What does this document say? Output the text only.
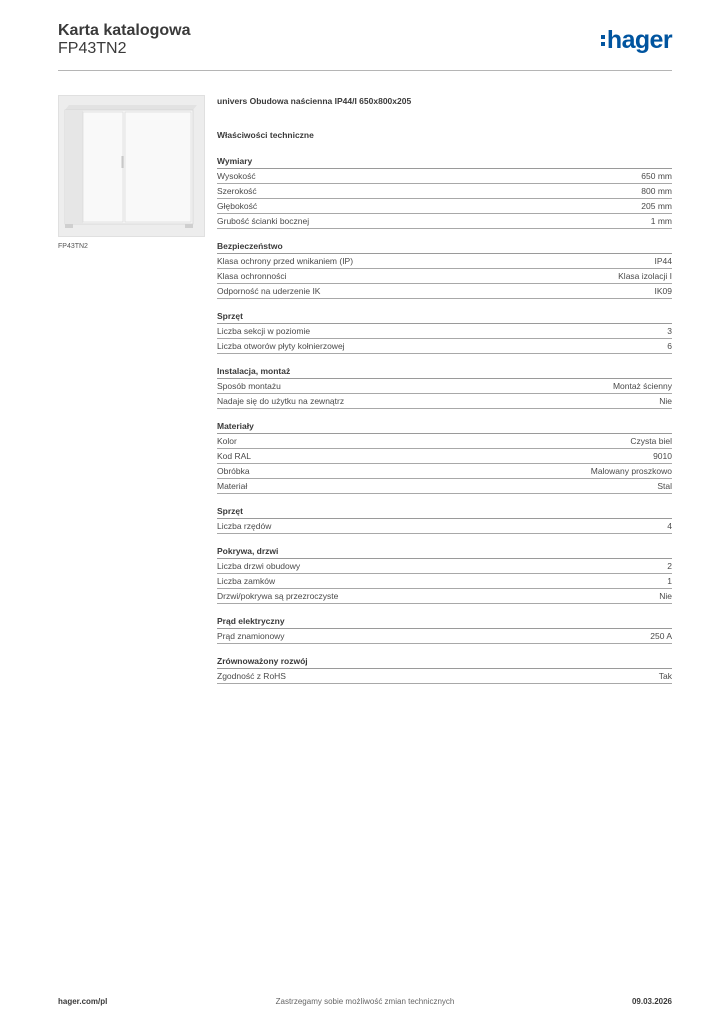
Karta katalogowa
FP43TN2	hager
FP43TN2
univers Obudowa naścienna IP44/I 650x800x205
Właściwości techniczne
Wymiary
Wysokość	650 mm
Szerokość	800 mm
Głębokość	205 mm
Grubość ścianki bocznej	1 mm
Bezpieczeństwo
Klasa ochrony przed wnikaniem (IP)	IP44
Klasa ochronności	Klasa izolacji I
Odporność na uderzenie IK	IK09
Sprzęt
Liczba sekcji w poziomie	3
Liczba otworów płyty kołnierzowej	6
Instalacja, montaż
Sposób montażu	Montaż ścienny
Nadaje się do użytku na zewnątrz	Nie
Materiały
Kolor	Czysta biel
Kod RAL	9010
Obróbka	Malowany proszkowo
Materiał	Stal
Sprzęt
Liczba rzędów	4
Pokrywa, drzwi
Liczba drzwi obudowy	2
Liczba zamków	1
Drzwi/pokrywa są przezroczyste	Nie
Prąd elektryczny
Prąd znamionowy	250 A
Zrównoważony rozwój
Zgodność z RoHS	Tak
hager.com/pl	Zastrzegamy sobie możliwość zmian technicznych	09.03.2026
